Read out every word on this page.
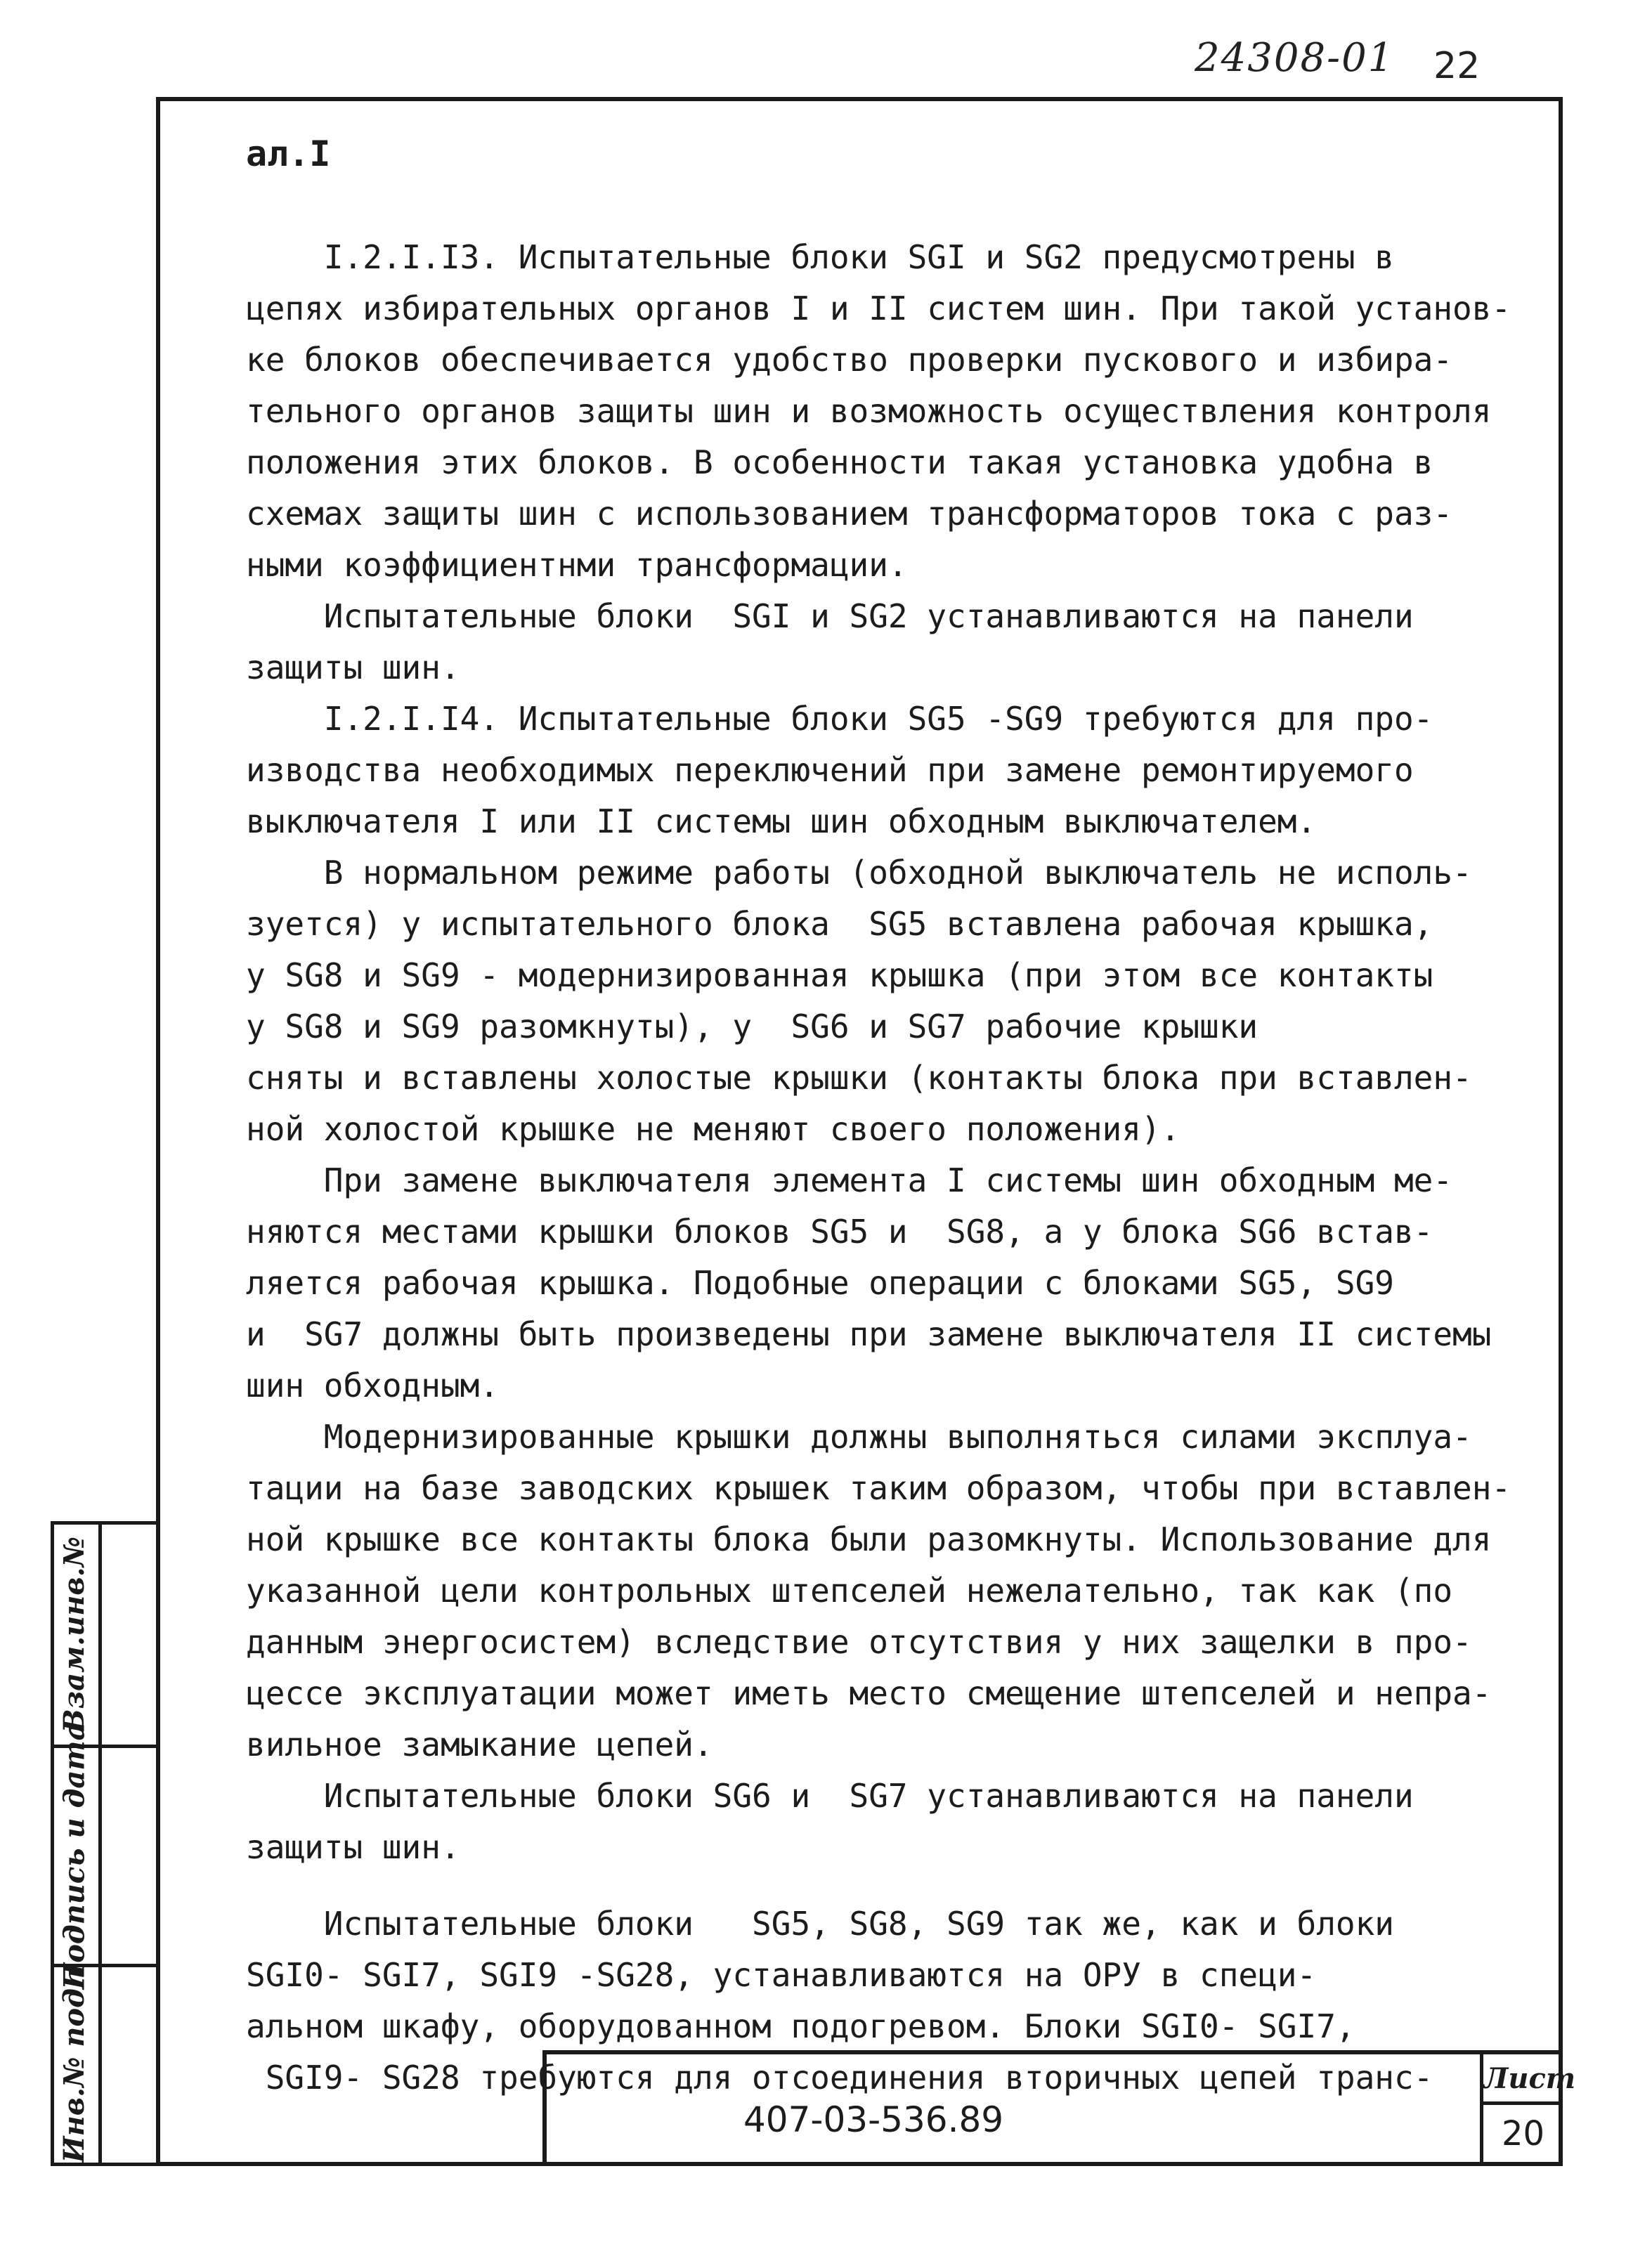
24308-01 22
Взам.инв.№
Подпись и дата
Инв.№ подл
ал.I
I.2.I.I3. Испытательные блоки SGI и SG2 предусмотрены в
цепях избирательных органов I и II систем шин. При такой установ-
ке блоков обеспечивается удобство проверки пускового и избира-
тельного органов защиты шин и возможность осуществления контроля
положения этих блоков. В особенности такая установка удобна в
схемах защиты шин с использованием трансформаторов тока с раз-
ными коэффициентнми трансформации.
Испытательные блоки  SGI и SG2 устанавливаются на панели
защиты шин.
I.2.I.I4. Испытательные блоки SG5 -SG9 требуются для про-
изводства необходимых переключений при замене ремонтируемого
выключателя I или II системы шин обходным выключателем.
В нормальном режиме работы (обходной выключатель не исполь-
зуется) у испытательного блока  SG5 вставлена рабочая крышка,
у SG8 и SG9 - модернизированная крышка (при этом все контакты
у SG8 и SG9 разомкнуты), у  SG6 и SG7 рабочие крышки
сняты и вставлены холостые крышки (контакты блока при вставлен-
ной холостой крышке не меняют своего положения).
При замене выключателя элемента I системы шин обходным ме-
няются местами крышки блоков SG5 и  SG8, а у блока SG6 встав-
ляется рабочая крышка. Подобные операции с блоками SG5, SG9
и  SG7 должны быть произведены при замене выключателя II системы
шин обходным.
Модернизированные крышки должны выполняться силами эксплуа-
тации на базе заводских крышек таким образом, чтобы при вставлен-
ной крышке все контакты блока были разомкнуты. Использование для
указанной цели контрольных штепселей нежелательно, так как (по
данным энергосистем) вследствие отсутствия у них защелки в про-
цессе эксплуатации может иметь место смещение штепселей и непра-
вильное замыкание цепей.
Испытательные блоки SG6 и  SG7 устанавливаются на панели
защиты шин.
Испытательные блоки   SG5, SG8, SG9 так же, как и блоки
SGI0- SGI7, SGI9 -SG28, устанавливаются на ОРУ в специ-
альном шкафу, оборудованном подогревом. Блоки SGI0- SGI7,
SGI9- SG28 требуются для отсоединения вторичных цепей транс-
407-03-536.89
Лист
20
